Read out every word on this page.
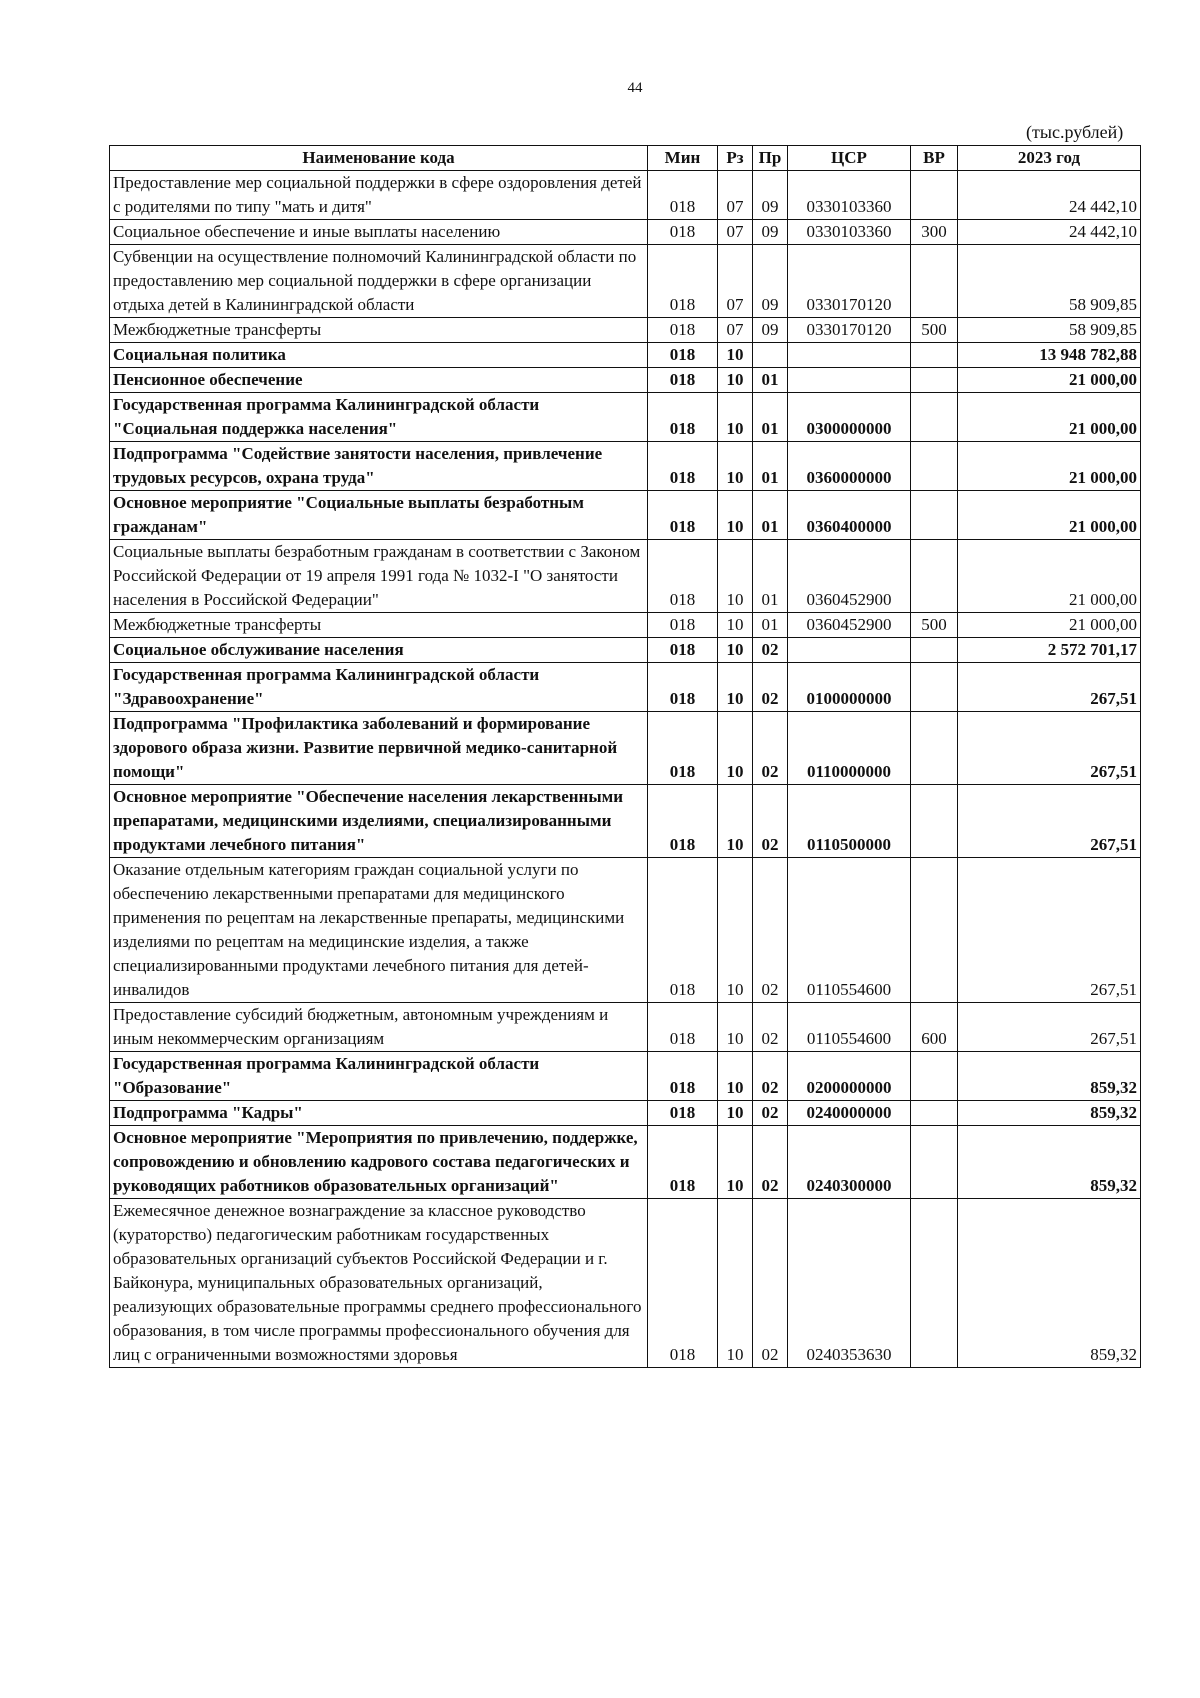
44
(тыс.рублей)
Наименование кода	Мин	Рз	Пр	ЦСР	ВР	2023 год
Предоставление мер социальной поддержки в сфере оздоровления детей с родителями по типу "мать и дитя"	018	07	09	0330103360		24 442,10
Социальное обеспечение и иные выплаты населению	018	07	09	0330103360	300	24 442,10
Субвенции на осуществление полномочий Калининградской области по предоставлению мер социальной поддержки в сфере организации отдыха детей в Калининградской области	018	07	09	0330170120		58 909,85
Межбюджетные трансферты	018	07	09	0330170120	500	58 909,85
Социальная политика	018	10				13 948 782,88
Пенсионное обеспечение	018	10	01			21 000,00
Государственная программа Калининградской области "Социальная поддержка населения"	018	10	01	0300000000		21 000,00
Подпрограмма "Содействие занятости населения, привлечение трудовых ресурсов, охрана труда"	018	10	01	0360000000		21 000,00
Основное мероприятие "Социальные выплаты безработным гражданам"	018	10	01	0360400000		21 000,00
Социальные выплаты безработным гражданам в соответствии с Законом Российской Федерации от 19 апреля 1991 года № 1032-I "О занятости населения в Российской Федерации"	018	10	01	0360452900		21 000,00
Межбюджетные трансферты	018	10	01	0360452900	500	21 000,00
Социальное обслуживание населения	018	10	02			2 572 701,17
Государственная программа Калининградской области "Здравоохранение"	018	10	02	0100000000		267,51
Подпрограмма "Профилактика заболеваний и формирование здорового образа жизни. Развитие первичной медико-санитарной помощи"	018	10	02	0110000000		267,51
Основное мероприятие "Обеспечение населения лекарственными препаратами, медицинскими изделиями, специализированными продуктами лечебного питания"	018	10	02	0110500000		267,51
Оказание отдельным категориям граждан социальной услуги по обеспечению лекарственными препаратами для медицинского применения по рецептам на лекарственные препараты, медицинскими изделиями по рецептам на медицинские изделия, а также специализированными продуктами лечебного питания для детей-инвалидов	018	10	02	0110554600		267,51
Предоставление субсидий бюджетным, автономным учреждениям и иным некоммерческим организациям	018	10	02	0110554600	600	267,51
Государственная программа Калининградской области "Образование"	018	10	02	0200000000		859,32
Подпрограмма "Кадры"	018	10	02	0240000000		859,32
Основное мероприятие "Мероприятия по привлечению, поддержке, сопровождению и обновлению кадрового состава педагогических и руководящих работников образовательных организаций"	018	10	02	0240300000		859,32
Ежемесячное денежное вознаграждение за классное руководство (кураторство) педагогическим работникам государственных образовательных организаций субъектов Российской Федерации и г. Байконура, муниципальных образовательных организаций, реализующих образовательные программы среднего профессионального образования, в том числе программы профессионального обучения для лиц с ограниченными возможностями здоровья	018	10	02	0240353630		859,32
